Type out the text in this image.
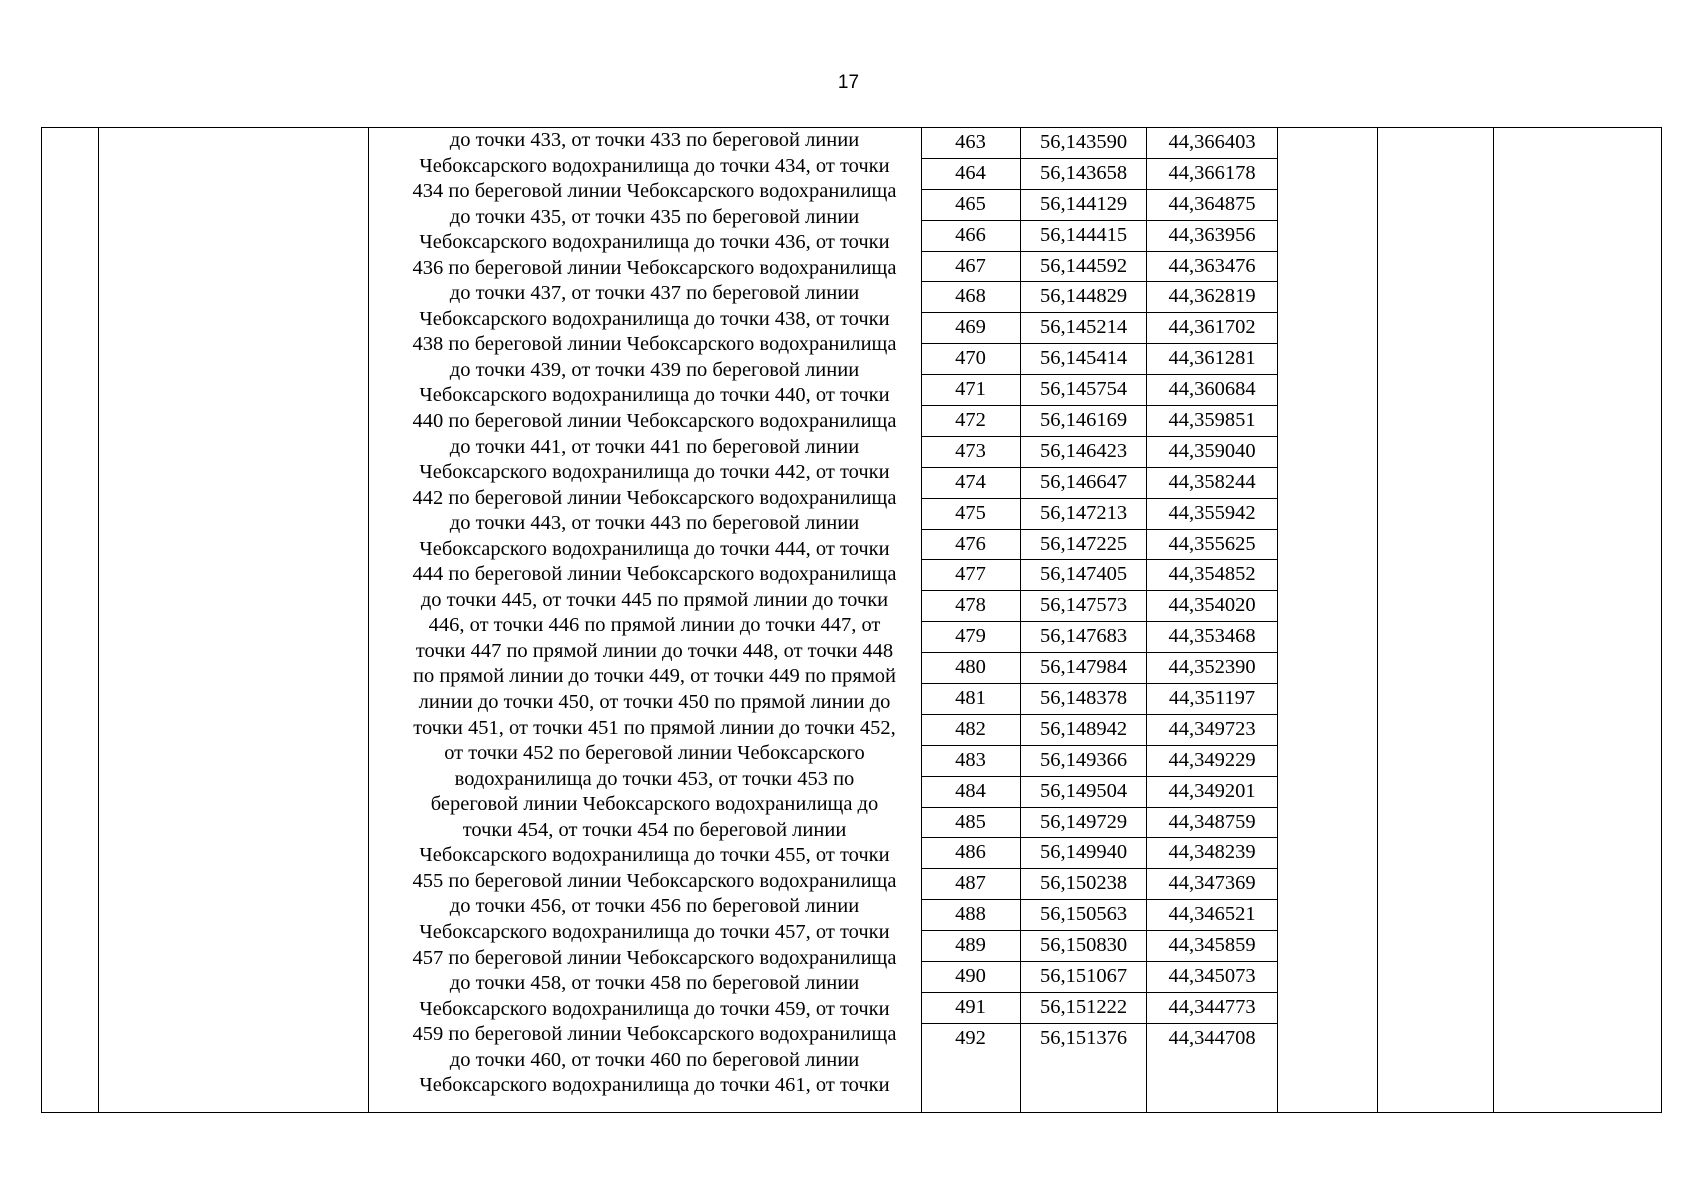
17
до точки 433, от точки 433 по береговой линии
Чебоксарского водохранилища до точки 434, от точки
434 по береговой линии Чебоксарского водохранилища
до точки 435, от точки 435 по береговой линии
Чебоксарского водохранилища до точки 436, от точки
436 по береговой линии Чебоксарского водохранилища
до точки 437, от точки 437 по береговой линии
Чебоксарского водохранилища до точки 438, от точки
438 по береговой линии Чебоксарского водохранилища
до точки 439, от точки 439 по береговой линии
Чебоксарского водохранилища до точки 440, от точки
440 по береговой линии Чебоксарского водохранилища
до точки 441, от точки 441 по береговой линии
Чебоксарского водохранилища до точки 442, от точки
442 по береговой линии Чебоксарского водохранилища
до точки 443, от точки 443 по береговой линии
Чебоксарского водохранилища до точки 444, от точки
444 по береговой линии Чебоксарского водохранилища
до точки 445, от точки 445 по прямой линии до точки
446, от точки 446 по прямой линии до точки 447, от
точки 447 по прямой линии до точки 448, от точки 448
по прямой линии до точки 449, от точки 449 по прямой
линии до точки 450, от точки 450 по прямой линии до
точки 451, от точки 451 по прямой линии до точки 452,
от точки 452 по береговой линии Чебоксарского
водохранилища до точки 453, от точки 453 по
береговой линии Чебоксарского водохранилища до
точки 454, от точки 454 по береговой линии
Чебоксарского водохранилища до точки 455, от точки
455 по береговой линии Чебоксарского водохранилища
до точки 456, от точки 456 по береговой линии
Чебоксарского водохранилища до точки 457, от точки
457 по береговой линии Чебоксарского водохранилища
до точки 458, от точки 458 по береговой линии
Чебоксарского водохранилища до точки 459, от точки
459 по береговой линии Чебоксарского водохранилища
до точки 460, от точки 460 по береговой линии
Чебоксарского водохранилища до точки 461, от точки
463	56,143590	44,366403
464	56,143658	44,366178
465	56,144129	44,364875
466	56,144415	44,363956
467	56,144592	44,363476
468	56,144829	44,362819
469	56,145214	44,361702
470	56,145414	44,361281
471	56,145754	44,360684
472	56,146169	44,359851
473	56,146423	44,359040
474	56,146647	44,358244
475	56,147213	44,355942
476	56,147225	44,355625
477	56,147405	44,354852
478	56,147573	44,354020
479	56,147683	44,353468
480	56,147984	44,352390
481	56,148378	44,351197
482	56,148942	44,349723
483	56,149366	44,349229
484	56,149504	44,349201
485	56,149729	44,348759
486	56,149940	44,348239
487	56,150238	44,347369
488	56,150563	44,346521
489	56,150830	44,345859
490	56,151067	44,345073
491	56,151222	44,344773
492	56,151376	44,344708
